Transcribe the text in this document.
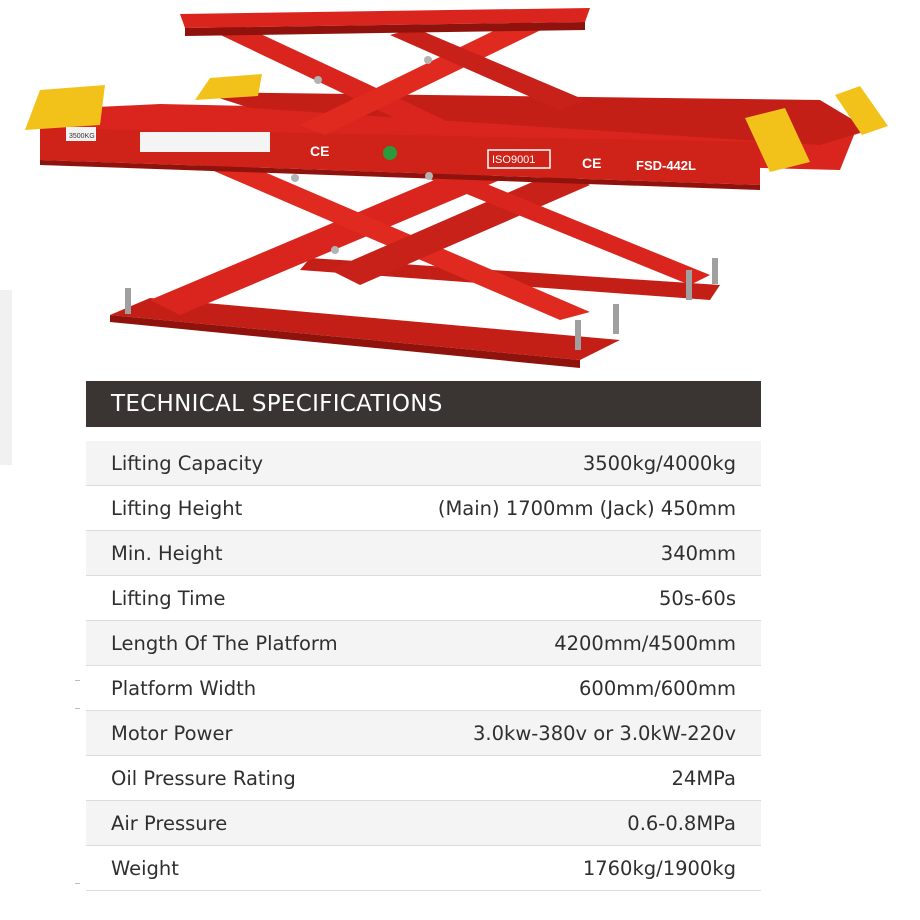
3500KG
CE
ISO9001	CE	FSD-442L
TECHNICAL SPECIFICATIONS
Lifting Capacity	3500kg/4000kg
Lifting Height	(Main) 1700mm (Jack) 450mm
Min. Height	340mm
Lifting Time	50s-60s
Length Of The Platform	4200mm/4500mm
Platform Width	600mm/600mm
Motor Power	3.0kw-380v or 3.0kW-220v
Oil Pressure Rating	24MPa
Air Pressure	0.6-0.8MPa
Weight	1760kg/1900kg
